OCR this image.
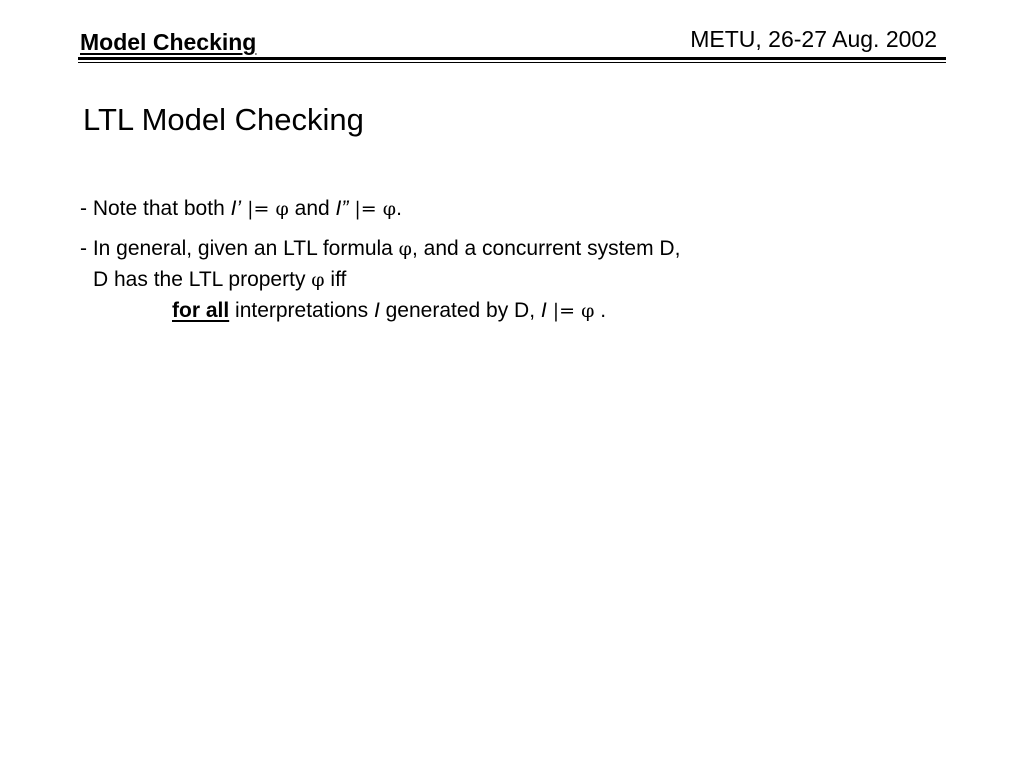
Model Checking	METU, 26-27 Aug. 2002
LTL Model Checking
- Note that both I’ |= φ and I” |= φ.
- In general, given an LTL formula φ, and a concurrent system D,
D has the LTL property φ iff
for all interpretations I generated by D, I |= φ .
